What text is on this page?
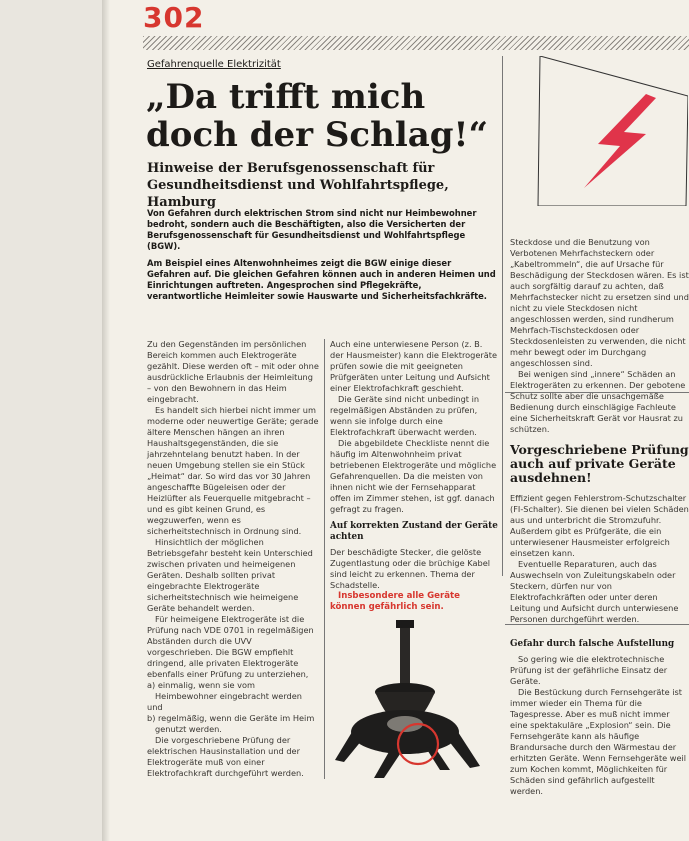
302
Gefahrenquelle Elektrizität
„Da trifft mich doch der Schlag!“
Hinweise der Berufsgenossenschaft für Gesundheitsdienst und Wohlfahrtspflege, Hamburg

Von Gefahren durch elektrischen Strom sind nicht nur Heimbewohner bedroht, sondern auch die Beschäftigten, also die Versicherten der Berufsgenossenschaft für Gesundheitsdienst und Wohlfahrtspflege (BGW).

Am Beispiel eines Altenwohnheimes zeigt die BGW einige dieser Gefahren auf. Die gleichen Gefahren können auch in anderen Heimen und Einrichtungen auftreten. Angesprochen sind Pflegekräfte, verantwortliche Heimleiter sowie Hauswarte und Sicherheitsfachkräfte.

Zu den Gegenständen im persönlichen Bereich kommen auch Elektrogeräte gezählt. Diese werden oft – mit oder ohne ausdrückliche Erlaubnis der Heimleitung – von den Bewohnern in das Heim eingebracht.

Es handelt sich hierbei nicht immer um moderne oder neuwertige Geräte; gerade ältere Menschen hängen an ihren Haushaltsgegenständen, die sie jahrzehntelang benutzt haben. In der neuen Umgebung stellen sie ein Stück „Heimat“ dar. So wird das vor 30 Jahren angeschaffte Bügeleisen oder der Heizlüfter als Feuerquelle mitgebracht – und es gibt keinen Grund, es wegzuwerfen, wenn es sicherheitstechnisch in Ordnung sind.

Hinsichtlich der möglichen Betriebsgefahr besteht kein Unterschied zwischen privaten und heimeigenen Geräten. Deshalb sollten privat eingebrachte Elektrogeräte sicherheitstechnisch wie heimeigene Geräte behandelt werden.

Für heimeigene Elektrogeräte ist die Prüfung nach VDE 0701 in regelmäßigen Abständen durch die UVV vorgeschrieben. Die BGW empfiehlt dringend, alle privaten Elektrogeräte ebenfalls einer Prüfung zu unterziehen,

a) einmalig, wenn sie vom Heimbewohner eingebracht werden
und
b) regelmäßig, wenn die Geräte im Heim genutzt werden.

Die vorgeschriebene Prüfung der elektrischen Hausinstallation und der Elektrogeräte muß von einer Elektrofachkraft durchgeführt werden.

Auch eine unterwiesene Person (z. B. der Hausmeister) kann die Elektrogeräte prüfen sowie die mit geeigneten Prüfgeräten unter Leitung und Aufsicht einer Elektrofachkraft geschieht.

Die Geräte sind nicht unbedingt in regelmäßigen Abständen zu prüfen, wenn sie infolge durch eine Elektrofachkraft überwacht werden.

Die abgebildete Checkliste nennt die häufig im Altenwohnheim privat betriebenen Elektrogeräte und mögliche Gefahrenquellen. Da die meisten von ihnen nicht wie der Fernsehapparat offen im Zimmer stehen, ist ggf. danach gefragt zu fragen.

Auf korrekten Zustand der Geräte achten

Der beschädigte Stecker, die gelöste Zugentlastung oder die brüchige Kabel sind leicht zu erkennen. Thema der Schadstelle.

Insbesondere alle Geräte können gefährlich sein.

Steckdose und die Benutzung von Verbotenen Mehrfachsteckern oder „Kabeltrommeln“, die auf Ursache für Beschädigung der Steckdosen wären. Es ist auch sorgfältig darauf zu achten, daß Mehrfachstecker nicht zu ersetzen sind und nicht zu viele Steckdosen nicht angeschlossen werden, sind rundherum Mehrfach-Tischsteckdosen oder Steckdosenleisten zu verwenden, die nicht mehr bewegt oder im Durchgang angeschlossen sind.

Bei wenigen sind „innere“ Schäden an Elektrogeräten zu erkennen. Der gebotene Schutz sollte aber die unsachgemäße Bedienung durch einschlägige Fachleute eine Sicherheitskraft Gerät vor Hausrat zu schützen.

Vorgeschriebene Prüfung auch auf private Geräte ausdehnen!

Effizient gegen Fehlerstrom-Schutzschalter (FI-Schalter). Sie dienen bei vielen Schäden aus und unterbricht die Stromzufuhr. Außerdem gibt es Prüfgeräte, die ein unterwiesener Hausmeister erfolgreich einsetzen kann.

Eventuelle Reparaturen, auch das Auswechseln von Zuleitungskabeln oder Steckern, dürfen nur von Elektrofachkräften oder unter deren Leitung und Aufsicht durch unterwiesene Personen durchgeführt werden.

Gefahr durch falsche Aufstellung

So gering wie die elektrotechnische Prüfung ist der gefährliche Einsatz der Geräte.

Die Bestückung durch Fernsehgeräte ist immer wieder ein Thema für die Tagespresse. Aber es muß nicht immer eine spektakuläre „Explosion“ sein. Die Fernsehgeräte kann als häufige Brandursache durch den Wärmestau der erhitzten Geräte. Wenn Fernsehgeräte weil zum Kochen kommt, Möglichkeiten für Schäden sind gefährlich aufgestellt werden.
